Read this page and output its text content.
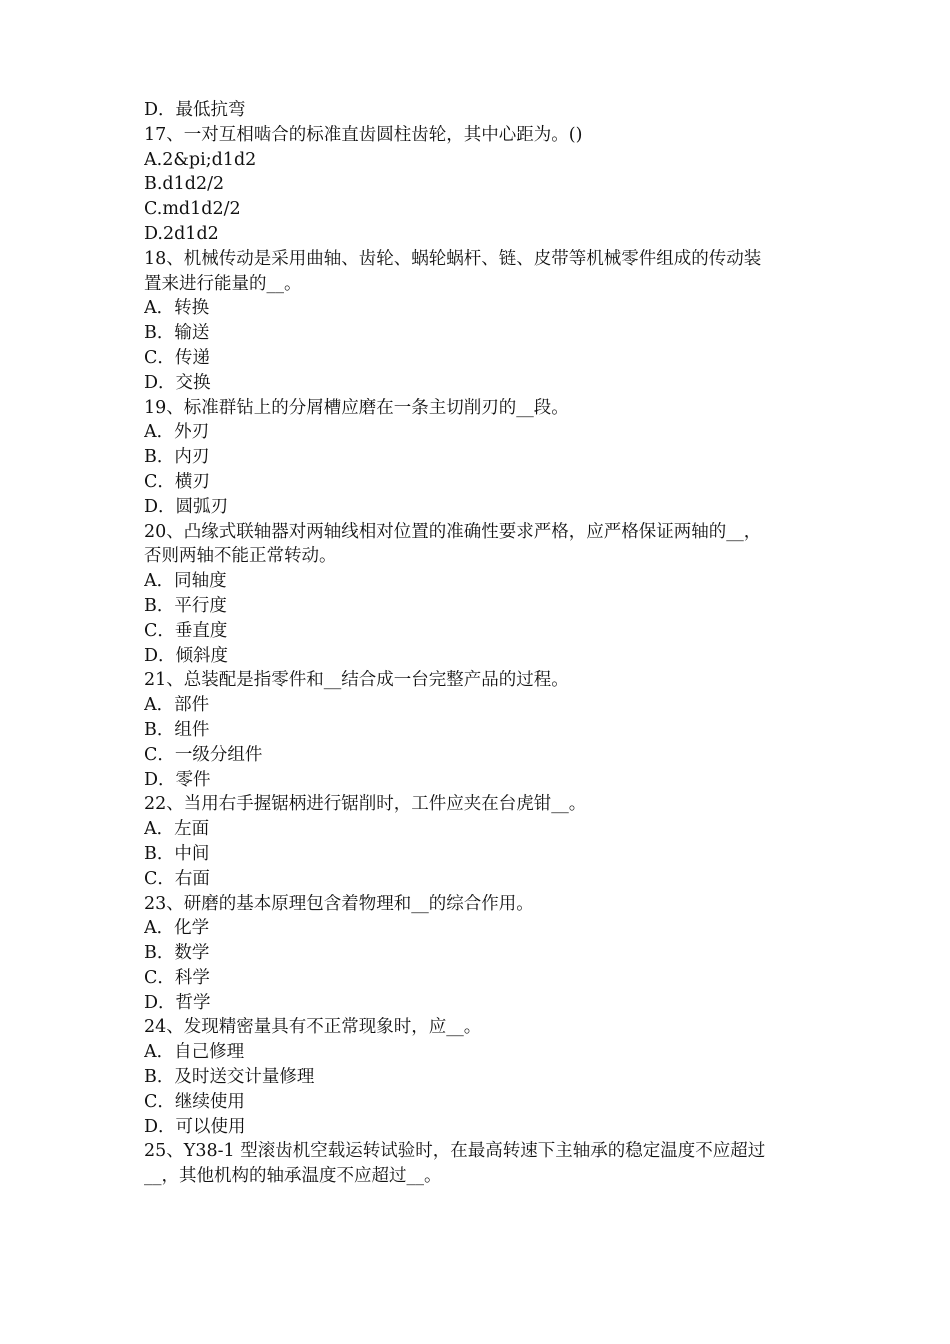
D．最低抗弯
17、一对互相啮合的标准直齿圆柱齿轮，其中心距为。()
A.2&pi;d1d2
B.d1d2/2
C.md1d2/2
D.2d1d2
18、机械传动是采用曲轴、齿轮、蜗轮蜗杆、链、皮带等机械零件组成的传动装
置来进行能量的__。
A．转换
B．输送
C．传递
D．交换
19、标准群钻上的分屑槽应磨在一条主切削刃的__段。
A．外刃
B．内刃
C．横刃
D．圆弧刃
20、凸缘式联轴器对两轴线相对位置的准确性要求严格，应严格保证两轴的__，
否则两轴不能正常转动。
A．同轴度
B．平行度
C．垂直度
D．倾斜度
21、总装配是指零件和__结合成一台完整产品的过程。
A．部件
B．组件
C．一级分组件
D．零件
22、当用右手握锯柄进行锯削时，工件应夹在台虎钳__。
A．左面
B．中间
C．右面
23、研磨的基本原理包含着物理和__的综合作用。
A．化学
B．数学
C．科学
D．哲学
24、发现精密量具有不正常现象时，应__。
A．自己修理
B．及时送交计量修理
C．继续使用
D．可以使用
25、Y38-1 型滚齿机空载运转试验时，在最高转速下主轴承的稳定温度不应超过
__，其他机构的轴承温度不应超过__。
